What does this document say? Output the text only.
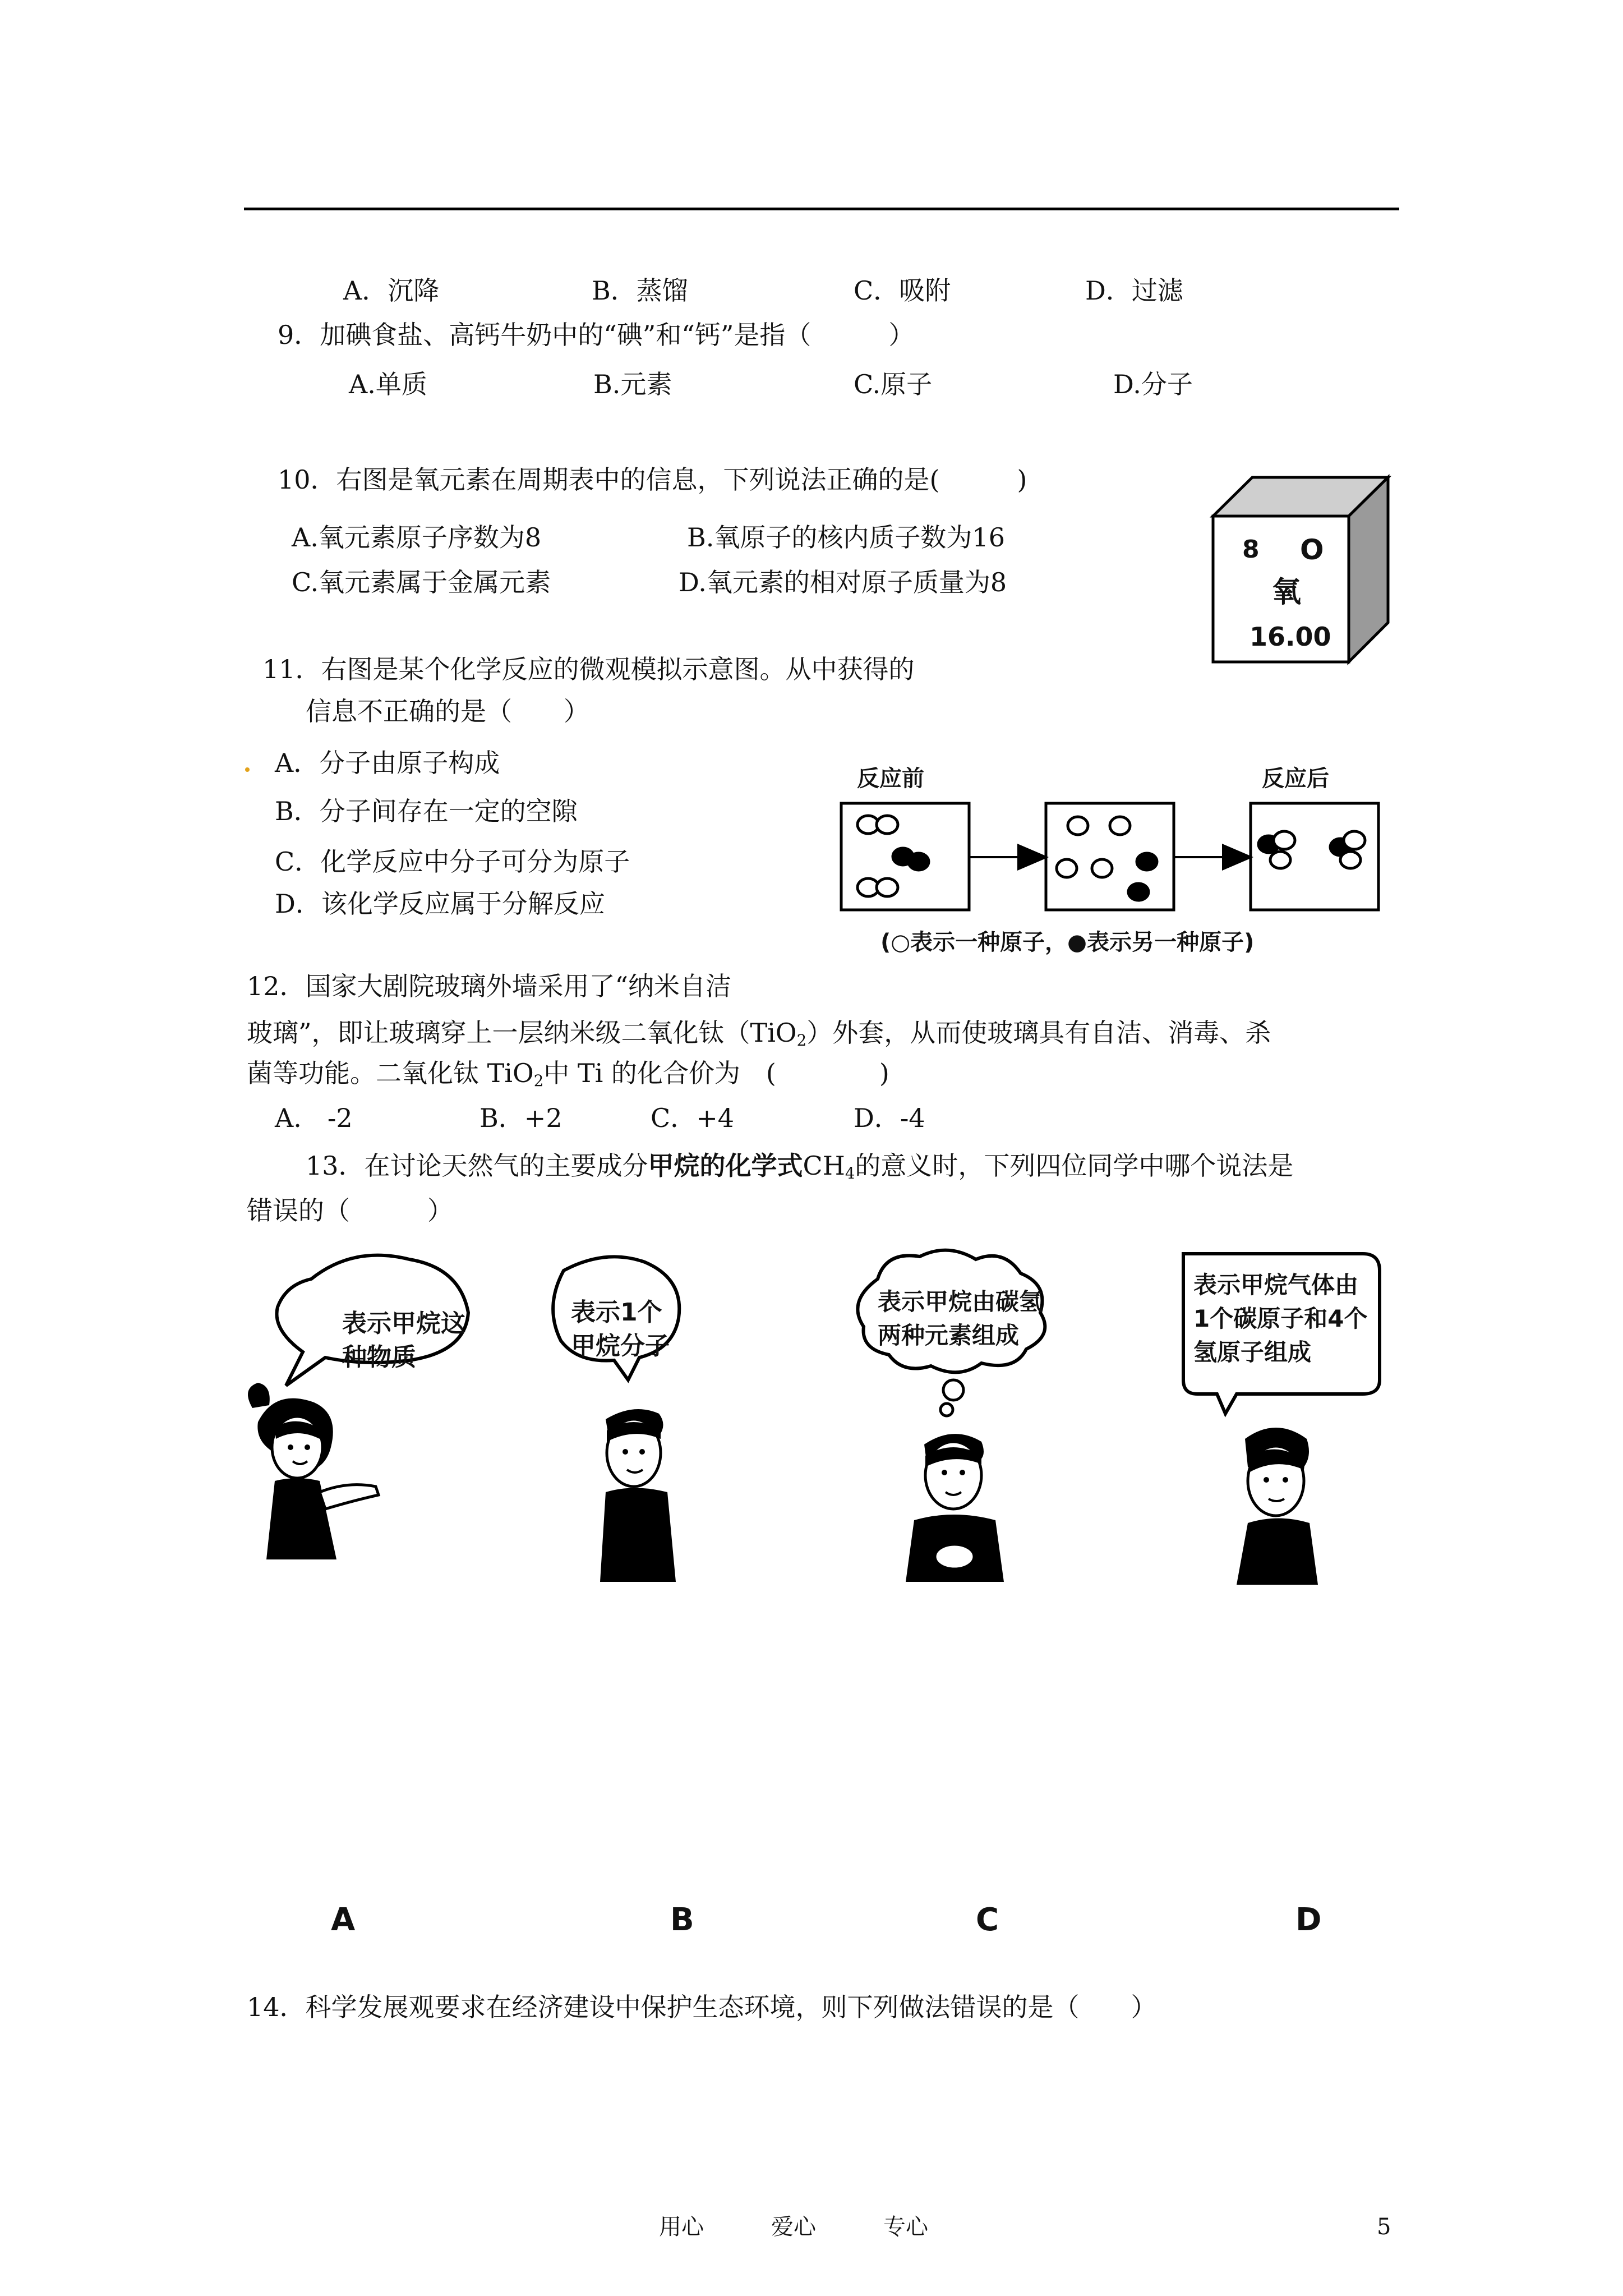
A．沉降	B．蒸馏	C．吸附	D．过滤
9．加碘食盐、高钙牛奶中的“碘”和“钙”是指（　　　）
A.单质	B.元素	C.原子	D.分子
10．右图是氧元素在周期表中的信息，下列说法正确的是(　　　)
A.氧元素原子序数为8	B.氧原子的核内质子数为16
C.氧元素属于金属元素	D.氧元素的相对原子质量为8
8 O
氧
16.00
11．右图是某个化学反应的微观模拟示意图。从中获得的
信息不正确的是（　　）
A．分子由原子构成
B．分子间存在一定的空隙
C．化学反应中分子可分为原子
D．该化学反应属于分解反应
反应前	反应后
(○表示一种原子，●表示另一种原子)
12．国家大剧院玻璃外墙采用了“纳米自洁
玻璃”，即让玻璃穿上一层纳米级二氧化钛（TiO$_2$）外套，从而使玻璃具有自洁、消毒、杀
菌等功能。二氧化钛 TiO$_2$中 Ti 的化合价为　(　　　　)
A.　-2	B．+2	C．+4	D．-4
13．在讨论天然气的主要成分甲烷的化学式$CH_4$的意义时，下列四位同学中哪个说法是
错误的（　　　）
表示甲烷这
种物质
表示1个
甲烷分子
表示甲烷由碳氢
两种元素组成
表示甲烷气体由
1个碳原子和4个
氢原子组成
A	B	C	D
14．科学发展观要求在经济建设中保护生态环境，则下列做法错误的是（　　）
用心	爱心	专心	5
